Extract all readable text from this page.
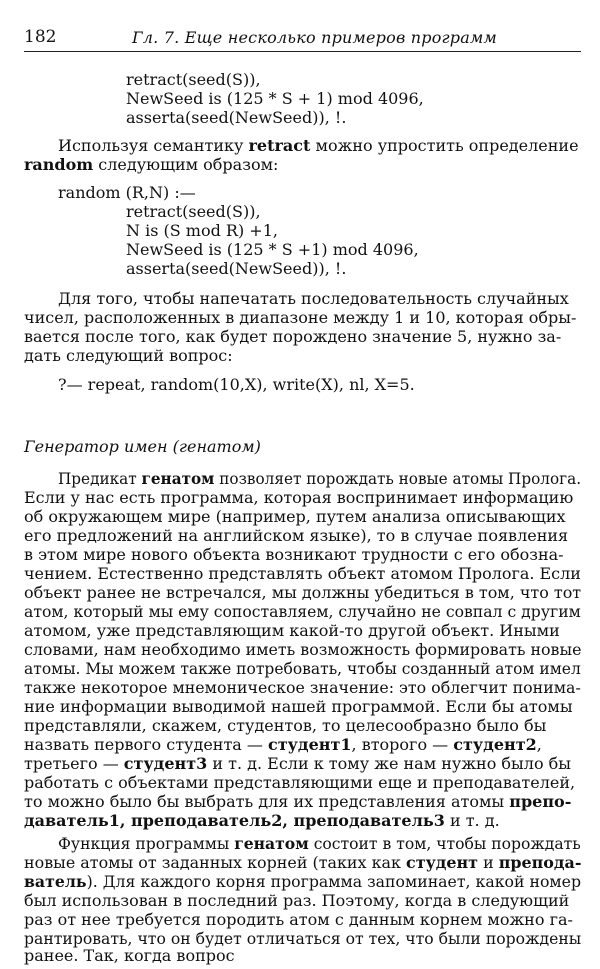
182	Гл. 7. Еще несколько примеров программ
retract(seed(S)),
NewSeed is (125 * S + 1) mod 4096,
asserta(seed(NewSeed)), !.
Используя семантику retract можно упростить определение
random следующим образом:
random (R,N) :—
retract(seed(S)),
N is (S mod R) +1,
NewSeed is (125 * S +1) mod 4096,
asserta(seed(NewSeed)), !.
Для того, чтобы напечатать последовательность случайных
чисел, расположенных в диапазоне между 1 и 10, которая обры-
вается после того, как будет порождено значение 5, нужно за-
дать следующий вопрос:
?— repeat, random(10,X), write(X), nl, X=5.
Генератор имен (генатом)
Предикат генатом позволяет порождать новые атомы Пролога.
Если у нас есть программа, которая воспринимает информацию
об окружающем мире (например, путем анализа описывающих
его предложений на английском языке), то в случае появления
в этом мире нового объекта возникают трудности с его обозна-
чением. Естественно представлять объект атомом Пролога. Если
объект ранее не встречался, мы должны убедиться в том, что тот
атом, который мы ему сопоставляем, случайно не совпал с другим
атомом, уже представляющим какой-то другой объект. Иными
словами, нам необходимо иметь возможность формировать новые
атомы. Мы можем также потребовать, чтобы созданный атом имел
также некоторое мнемоническое значение: это облегчит понима-
ние информации выводимой нашей программой. Если бы атомы
представляли, скажем, студентов, то целесообразно было бы
назвать первого студента — студент1, второго — студент2,
третьего — студент3 и т. д. Если к тому же нам нужно было бы
работать с объектами представляющими еще и преподавателей,
то можно было бы выбрать для их представления атомы препо-
даватель1, преподаватель2, преподаватель3 и т. д.
Функция программы генатом состоит в том, чтобы порождать
новые атомы от заданных корней (таких как студент и препода-
ватель). Для каждого корня программа запоминает, какой номер
был использован в последний раз. Поэтому, когда в следующий
раз от нее требуется породить атом с данным корнем можно га-
рантировать, что он будет отличаться от тех, что были порождены
ранее. Так, когда вопрос
